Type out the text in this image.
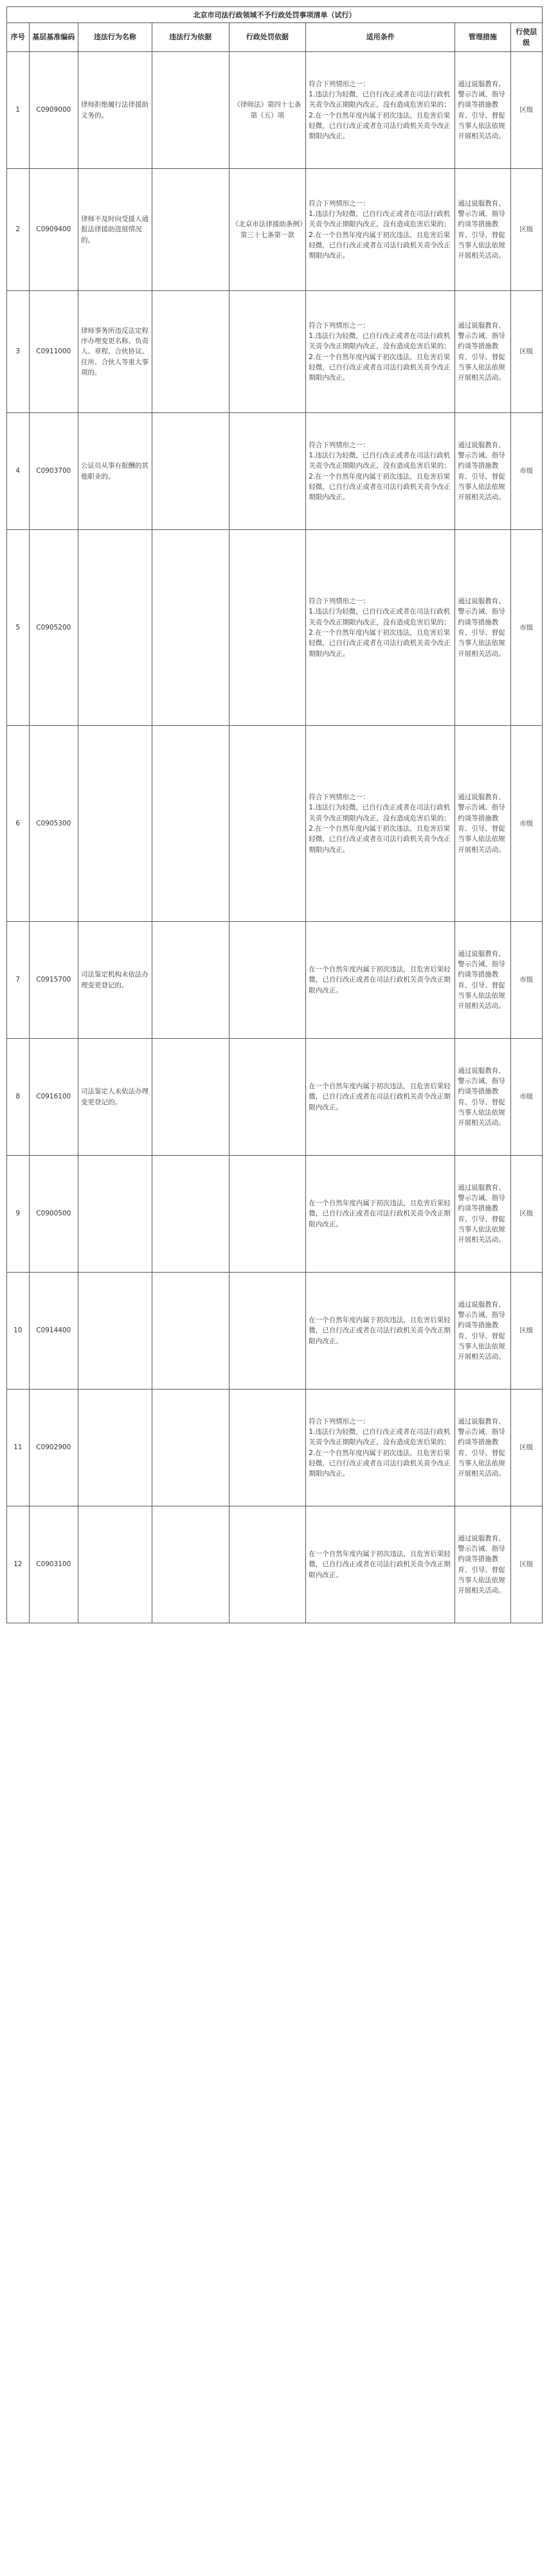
北京市司法行政领域不予行政处罚事项清单（试行）
序号	基层基准编码	违法行为名称	违法行为依据	行政处罚依据	适用条件	管理措施	行使层级
1	C0909000	律师拒绝履行法律援助义务的。		《律师法》第四十七条第（五）项	符合下列情形之一：
1.违法行为轻微，已自行改正或者在司法行政机关责令改正期限内改正，没有造成危害后果的；
2.在一个自然年度内属于初次违法，且危害后果轻微，已自行改正或者在司法行政机关责令改正期限内改正。	通过说服教育、警示告诫、指导约谈等措施教育、引导、督促当事人依法依规开展相关活动。	区级
2	C0909400	律师不及时向受援人通报法律援助进展情况的。		《北京市法律援助条例》第三十七条第一款	符合下列情形之一：
1.违法行为轻微，已自行改正或者在司法行政机关责令改正期限内改正，没有造成危害后果的；
2.在一个自然年度内属于初次违法，且危害后果轻微，已自行改正或者在司法行政机关责令改正期限内改正。	通过说服教育、警示告诫、指导约谈等措施教育、引导、督促当事人依法依规开展相关活动。	区级
3	C0911000	律师事务所违反法定程序办理变更名称、负责人、章程、合伙协议、住所、合伙人等重大事项的。			符合下列情形之一：
1.违法行为轻微，已自行改正或者在司法行政机关责令改正期限内改正，没有造成危害后果的；
2.在一个自然年度内属于初次违法，且危害后果轻微，已自行改正或者在司法行政机关责令改正期限内改正。	通过说服教育、警示告诫、指导约谈等措施教育、引导、督促当事人依法依规开展相关活动。	区级
4	C0903700	公证员从事有报酬的其他职业的。			符合下列情形之一：
1.违法行为轻微，已自行改正或者在司法行政机关责令改正期限内改正，没有造成危害后果的；
2.在一个自然年度内属于初次违法，且危害后果轻微，已自行改正或者在司法行政机关责令改正期限内改正。	通过说服教育、警示告诫、指导约谈等措施教育、引导、督促当事人依法依规开展相关活动。	市级
5	C0905200				符合下列情形之一：
1.违法行为轻微，已自行改正或者在司法行政机关责令改正期限内改正，没有造成危害后果的；
2.在一个自然年度内属于初次违法，且危害后果轻微，已自行改正或者在司法行政机关责令改正期限内改正。	通过说服教育、警示告诫、指导约谈等措施教育、引导、督促当事人依法依规开展相关活动。	市级
6	C0905300				符合下列情形之一：
1.违法行为轻微，已自行改正或者在司法行政机关责令改正期限内改正，没有造成危害后果的；
2.在一个自然年度内属于初次违法，且危害后果轻微，已自行改正或者在司法行政机关责令改正期限内改正。	通过说服教育、警示告诫、指导约谈等措施教育、引导、督促当事人依法依规开展相关活动。	市级
7	C0915700	司法鉴定机构未依法办理变更登记的。			在一个自然年度内属于初次违法，且危害后果轻微，已自行改正或者在司法行政机关责令改正期限内改正。	通过说服教育、警示告诫、指导约谈等措施教育、引导、督促当事人依法依规开展相关活动。	市级
8	C0916100	司法鉴定人未依法办理变更登记的。			在一个自然年度内属于初次违法，且危害后果轻微，已自行改正或者在司法行政机关责令改正期限内改正。	通过说服教育、警示告诫、指导约谈等措施教育、引导、督促当事人依法依规开展相关活动。	市级
9	C0900500				在一个自然年度内属于初次违法，且危害后果轻微，已自行改正或者在司法行政机关责令改正期限内改正。	通过说服教育、警示告诫、指导约谈等措施教育、引导、督促当事人依法依规开展相关活动。	区级
10	C0914400				在一个自然年度内属于初次违法，且危害后果轻微，已自行改正或者在司法行政机关责令改正期限内改正。	通过说服教育、警示告诫、指导约谈等措施教育、引导、督促当事人依法依规开展相关活动。	区级
11	C0902900				符合下列情形之一：
1.违法行为轻微，已自行改正或者在司法行政机关责令改正期限内改正，没有造成危害后果的；
2.在一个自然年度内属于初次违法，且危害后果轻微，已自行改正或者在司法行政机关责令改正期限内改正。	通过说服教育、警示告诫、指导约谈等措施教育、引导、督促当事人依法依规开展相关活动。	区级
12	C0903100				在一个自然年度内属于初次违法，且危害后果轻微，已自行改正或者在司法行政机关责令改正期限内改正。	通过说服教育、警示告诫、指导约谈等措施教育、引导、督促当事人依法依规开展相关活动。	区级
